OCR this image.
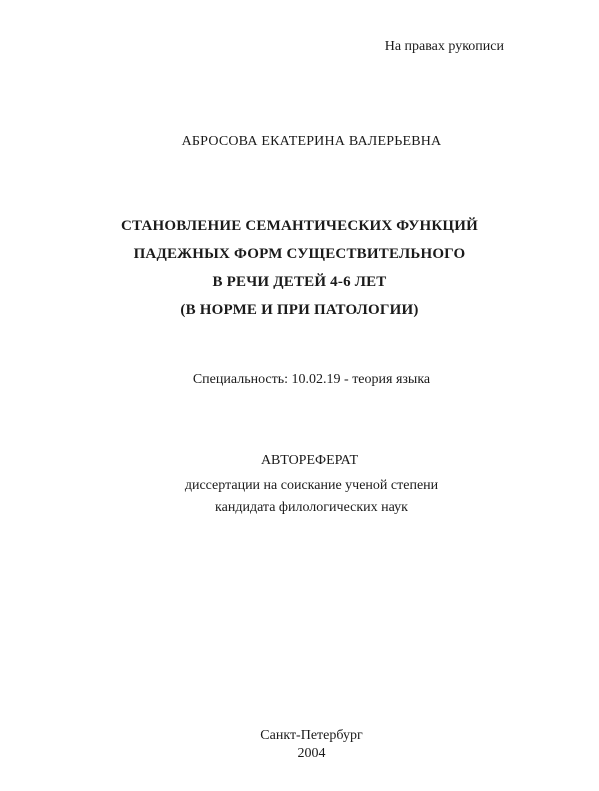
На правах рукописи
АБРОСОВА ЕКАТЕРИНА ВАЛЕРЬЕВНА
СТАНОВЛЕНИЕ СЕМАНТИЧЕСКИХ ФУНКЦИЙ
ПАДЕЖНЫХ ФОРМ СУЩЕСТВИТЕЛЬНОГО
В РЕЧИ ДЕТЕЙ 4-6 ЛЕТ
(В НОРМЕ И ПРИ ПАТОЛОГИИ)
Специальность: 10.02.19 - теория языка
АВТОРЕФЕРАТ
диссертации на соискание ученой степени
кандидата филологических наук
Санкт-Петербург
2004
